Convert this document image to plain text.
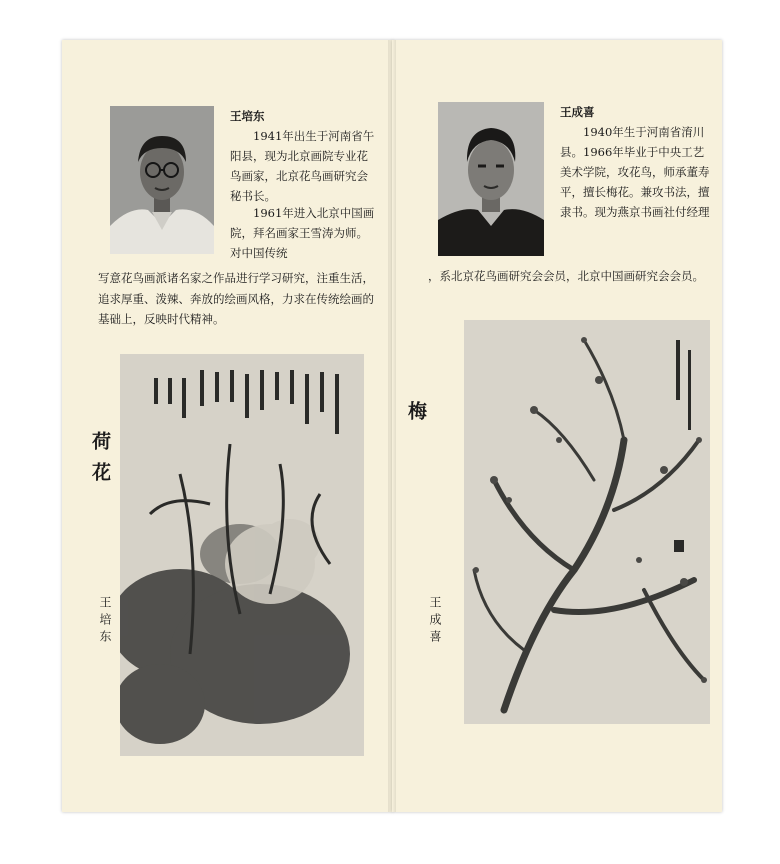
王培东

1941年出生于河南省午阳县，现为北京画院专业花鸟画家，北京花鸟画研究会秘书长。

1961年进入北京中国画院，拜名画家王雪涛为师。对中国传统

写意花鸟画派诸名家之作品进行学习研究，注重生活，追求厚重、泼辣、奔放的绘画风格，力求在传统绘画的基础上，反映时代精神。

荷花
王培东
王成喜

1940年生于河南省淯川县。1966年毕业于中央工艺美术学院，攻花鸟，师承董寿平，擅长梅花。兼攻书法，擅隶书。现为燕京书画社付经理

，系北京花鸟画研究会会员，北京中国画研究会会员。

梅
王成喜
